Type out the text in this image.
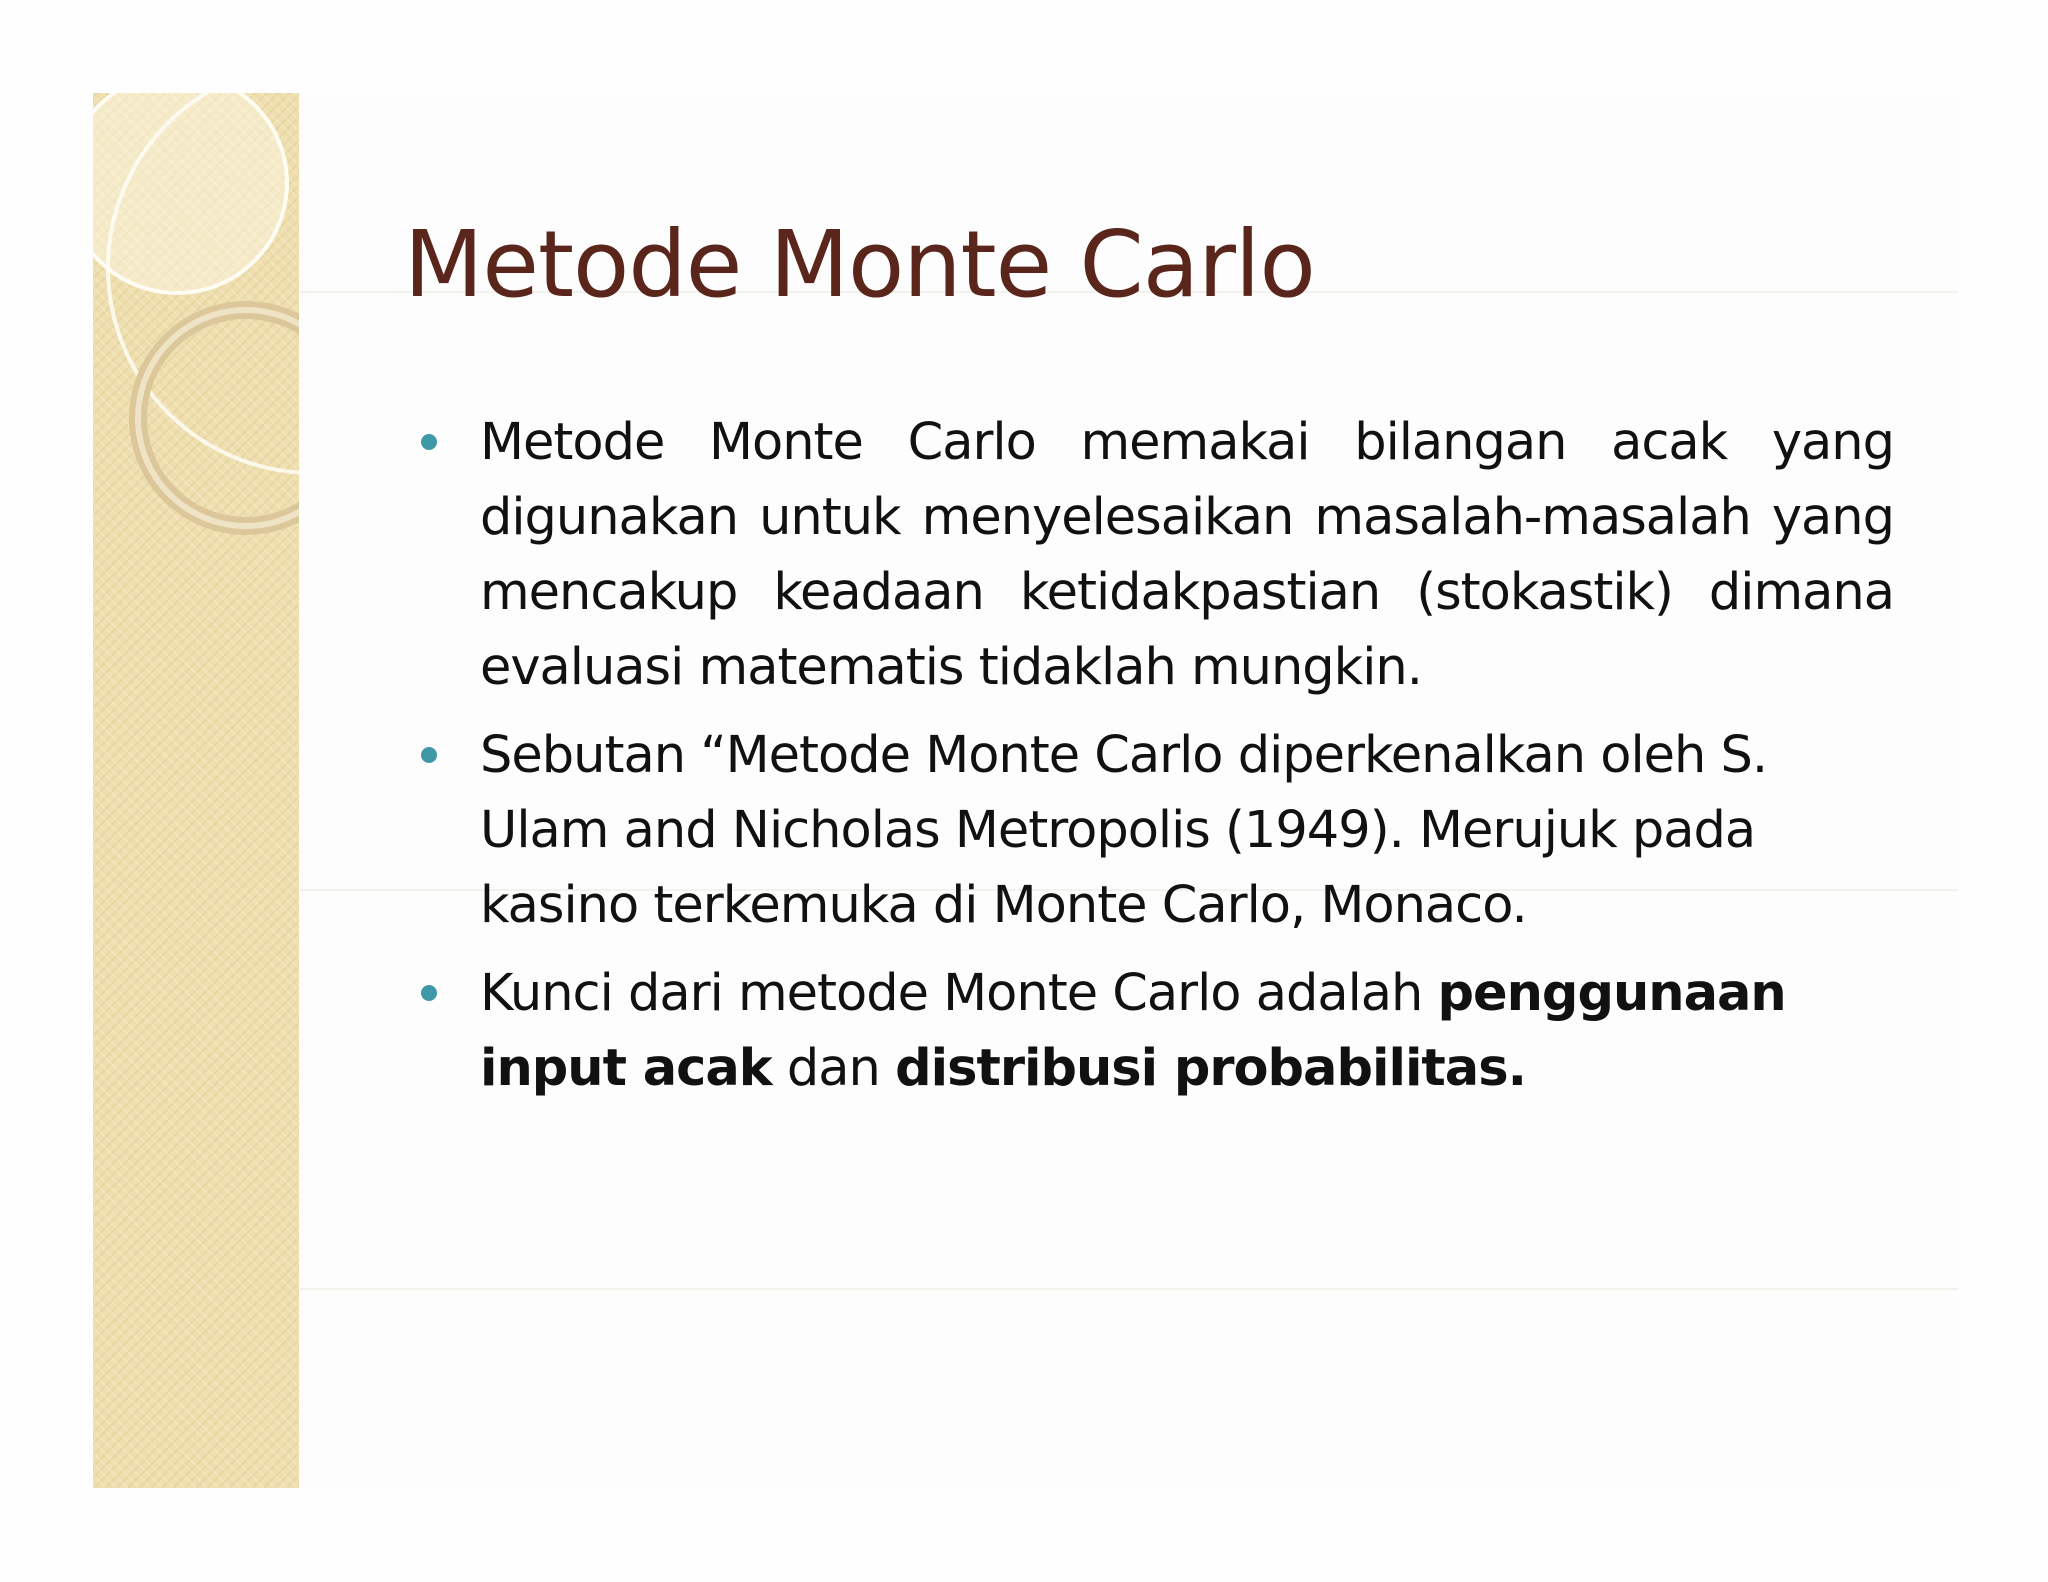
Metode Monte Carlo
Metode Monte Carlo memakai bilangan acak yang digunakan untuk menyelesaikan masalah-masalah yang mencakup keadaan ketidakpastian (stokastik) dimana evaluasi matematis tidaklah mungkin.
Sebutan “Metode Monte Carlo diperkenalkan oleh S. Ulam and Nicholas Metropolis (1949). Merujuk pada kasino terkemuka di Monte Carlo, Monaco.
Kunci dari metode Monte Carlo adalah penggunaan input acak dan distribusi probabilitas.
